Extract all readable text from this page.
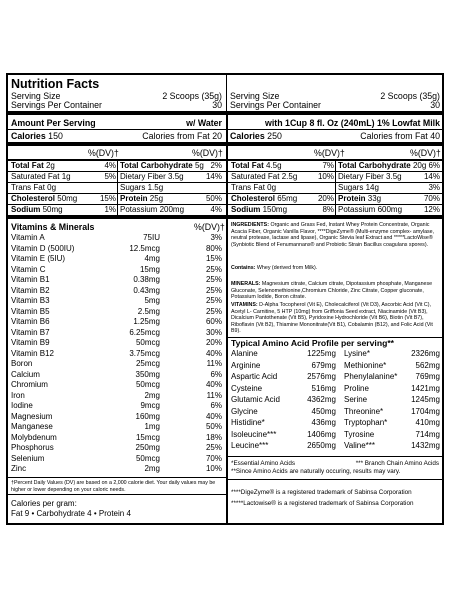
Nutrition Facts
Serving Size	2 Scoops (35g)
Servings Per Container	30
Serving Size	2 Scoops (35g)
Servings Per Container	30
Amount Per Serving	w/ Water	with 1Cup 8 fl. Oz (240mL) 1% Lowfat Milk
Calories 150	Calories from Fat 20 Calories 250	Calories from Fat 40
%(DV)†	%(DV)†	%(DV)†	%(DV)†
Vitamins & Minerals	%(DV)†
†Percent Daily Values (DV) are based on a 2,000 calorie diet. Your daily values may be higher or lower depending on your caloric needs.
Calories per gram:
Fat 9 • Carbohydrate 4 • Protein 4
INGREDIENTS: Organic and Grass Fed, Instant Whey Protein Concentrate, Organic Acacia Fiber, Organic Vanilla Flavor, ****DigeZyme® (Multi-enzyme complex- amylase, neutral protease, lactase and lipase), Organic Stevia leaf Extract and *****LactoWise® (Synbiotic Blend of Fenumannans® and Probiotic Strain Bacillus coagulans spores).
Contains: Whey (derived from Milk).
MINERALS: Magnesium citrate, Calcium citrate, Dipotassium phosphate, Manganese Gluconate, Selenomethionine,Chromium Chloride, Zinc Citrate, Copper gluconate, Potassium Iodide, Boron citrate.
VITAMINS: D-Alpha Tocopherol (Vit E), Cholecalciferol (Vit D3), Ascorbic Acid (Vit C), Acetyl L- Carnitine, 5 HTP (10mg) from Griffonia Seed extract, Niacinamide (Vit B3), Dicalcium Pantothenate (Vit B5), Pyridoxine Hydrochloride (Vit B6), Biotin (Vit B7), Riboflavin (Vit B2), Thiamine Mononitrate(Vit B1), Cobalamin (B12), and Folic Acid (Vit B9).
Typical Amino Acid Profile per serving**
*Essential Amino Acids	*** Branch Chain Amino Acids
**Since Amino Acids are naturally occuring, results may vary.
****DigeZyme® is a registered trademark of Sabinsa Corporation
*****Lactowise® is a registered trademark of Sabinsa Corporation
Total Fat 2g	4% Total Carbohydrate 5g 2%
Saturated Fat 1g	5% Dietary Fiber 3.5g	14%
Trans Fat 0g	Sugars 1.5g
Cholesterol 50mg	15% Protein 25g	50%
Sodium 50mg	1% Potassium 200mg	4%
Total Fat 4.5g	7% Total Carbohydrate 20g 6%
Saturated Fat 2.5g	10% Dietary Fiber 3.5g	14%
Trans Fat 0g	Sugars 14g	3%
Cholesterol 65mg	20% Protein 33g	70%
Sodium 150mg	8% Potassium 600mg	12%
Vitamin A	75IU	3%
Vitamin D (500IU)	12.5mcg	80%
Vitamin E (5IU)	4mg	15%
Vitamin C	15mg	25%
Vitamin B1	0.38mg	25%
Vitamin B2	0.43mg	25%
Vitamin B3	5mg	25%
Vitamin B5	2.5mg	25%
Vitamin B6	1.25mg	60%
Vitamin B7	6.25mcg	30%
Vitamin B9	50mcg	20%
Vitamin B12	3.75mcg	40%
Boron	25mcg	11%
Calcium	350mg	6%
Chromium	50mcg	40%
Iron	2mg	11%
Iodine	9mcg	6%
Magnesium	160mg	40%
Manganese	1mg	50%
Molybdenum	15mcg	18%
Phosphorus	250mg	25%
Selenium	50mcg	70%
Zinc	2mg	10%
Alanine	1225mg Lysine*	2326mg
Arginine	679mg Methionine*	562mg
Aspartic Acid	2576mg Phenylalanine*	769mg
Cysteine	516mg Proline	1421mg
Glutamic Acid	4362mg Serine	1245mg
Glycine	450mg Threonine*	1704mg
Histidine*	436mg Tryptophan*	410mg
Isoleucine***	1406mg Tyrosine	714mg
Leucine***	2650mg Valine***	1432mg
